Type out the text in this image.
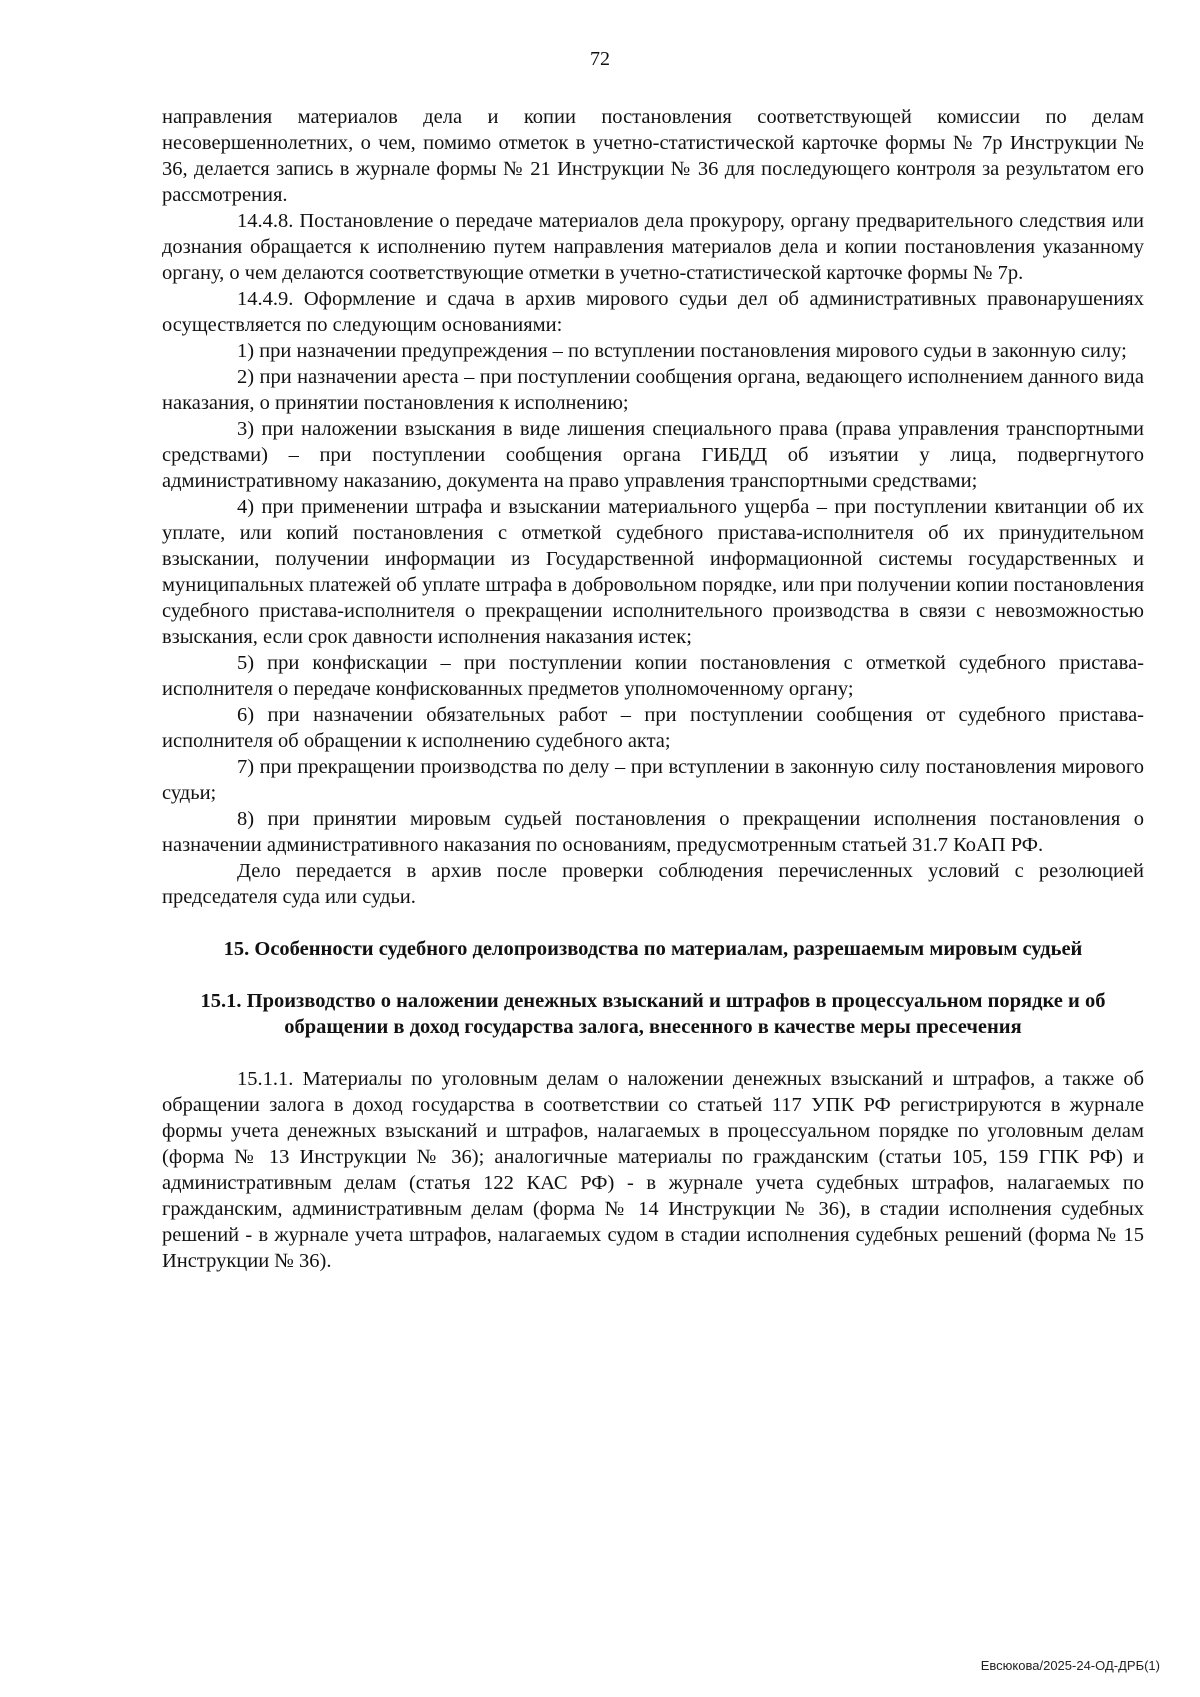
72

направления материалов дела и копии постановления соответствующей комиссии по делам несовершеннолетних, о чем, помимо отметок в учетно-статистической карточке формы № 7р Инструкции № 36, делается запись в журнале формы № 21 Инструкции № 36 для последующего контроля за результатом его рассмотрения.

14.4.8. Постановление о передаче материалов дела прокурору, органу предварительного следствия или дознания обращается к исполнению путем направления материалов дела и копии постановления указанному органу, о чем делаются соответствующие отметки в учетно-статистической карточке формы № 7р.

14.4.9. Оформление и сдача в архив мирового судьи дел об административных правонарушениях осуществляется по следующим основаниями:

1) при назначении предупреждения – по вступлении постановления мирового судьи в законную силу;

2) при назначении ареста – при поступлении сообщения органа, ведающего исполнением данного вида наказания, о принятии постановления к исполнению;

3) при наложении взыскания в виде лишения специального права (права управления транспортными средствами) – при поступлении сообщения органа ГИБДД об изъятии у лица, подвергнутого административному наказанию, документа на право управления транспортными средствами;

4) при применении штрафа и взыскании материального ущерба – при поступлении квитанции об их уплате, или копий постановления с отметкой судебного пристава-исполнителя об их принудительном взыскании, получении информации из Государственной информационной системы государственных и муниципальных платежей об уплате штрафа в добровольном порядке, или при получении копии постановления судебного пристава-исполнителя о прекращении исполнительного производства в связи с невозможностью взыскания, если срок давности исполнения наказания истек;

5) при конфискации – при поступлении копии постановления с отметкой судебного пристава-исполнителя о передаче конфискованных предметов уполномоченному органу;

6) при назначении обязательных работ – при поступлении сообщения от судебного пристава-исполнителя об обращении к исполнению судебного акта;

7) при прекращении производства по делу – при вступлении в законную силу постановления мирового судьи;

8) при принятии мировым судьей постановления о прекращении исполнения постановления о назначении административного наказания по основаниям, предусмотренным статьей 31.7 КоАП РФ.

Дело передается в архив после проверки соблюдения перечисленных условий с резолюцией председателя суда или судьи.

15. Особенности судебного делопроизводства по материалам, разрешаемым мировым судьей
15.1. Производство о наложении денежных взысканий и штрафов в процессуальном порядке и об обращении в доход государства залога, внесенного в качестве меры пресечения

15.1.1. Материалы по уголовным делам о наложении денежных взысканий и штрафов, а также об обращении залога в доход государства в соответствии со статьей 117 УПК РФ регистрируются в журнале формы учета денежных взысканий и штрафов, налагаемых в процессуальном порядке по уголовным делам (форма № 13 Инструкции № 36); аналогичные материалы по гражданским (статьи 105, 159 ГПК РФ) и административным делам (статья 122 КАС РФ) - в журнале учета судебных штрафов, налагаемых по гражданским, административным делам (форма № 14 Инструкции № 36), в стадии исполнения судебных решений - в журнале учета штрафов, налагаемых судом в стадии исполнения судебных решений (форма № 15 Инструкции № 36).

Евсюкова/2025-24-ОД-ДРБ(1)
